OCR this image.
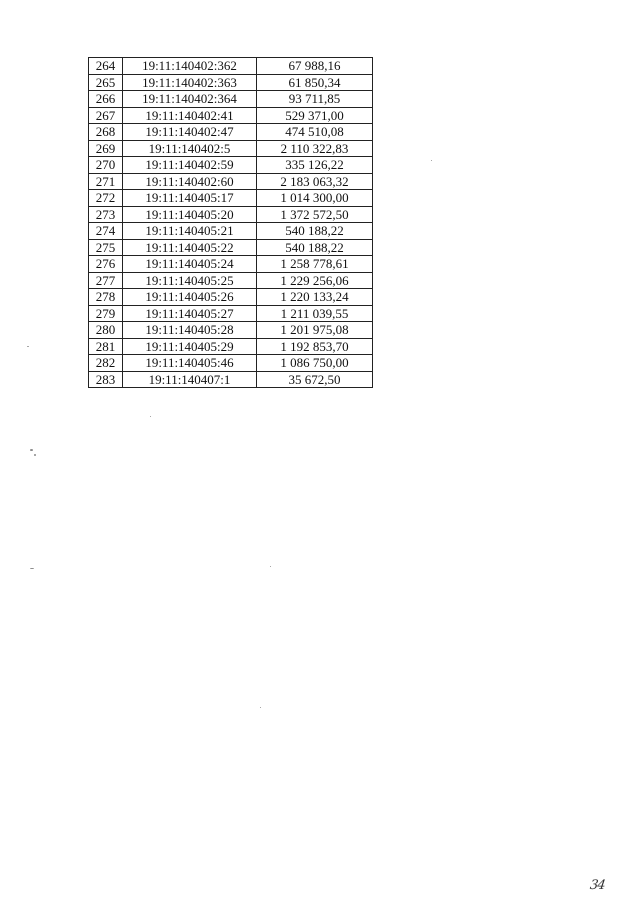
264	19:11:140402:362	67 988,16
265	19:11:140402:363	61 850,34
266	19:11:140402:364	93 711,85
267	19:11:140402:41	529 371,00
268	19:11:140402:47	474 510,08
269	19:11:140402:5	2 110 322,83
270	19:11:140402:59	335 126,22
271	19:11:140402:60	2 183 063,32
272	19:11:140405:17	1 014 300,00
273	19:11:140405:20	1 372 572,50
274	19:11:140405:21	540 188,22
275	19:11:140405:22	540 188,22
276	19:11:140405:24	1 258 778,61
277	19:11:140405:25	1 229 256,06
278	19:11:140405:26	1 220 133,24
279	19:11:140405:27	1 211 039,55
280	19:11:140405:28	1 201 975,08
281	19:11:140405:29	1 192 853,70
282	19:11:140405:46	1 086 750,00
283	19:11:140407:1	35 672,50
34
